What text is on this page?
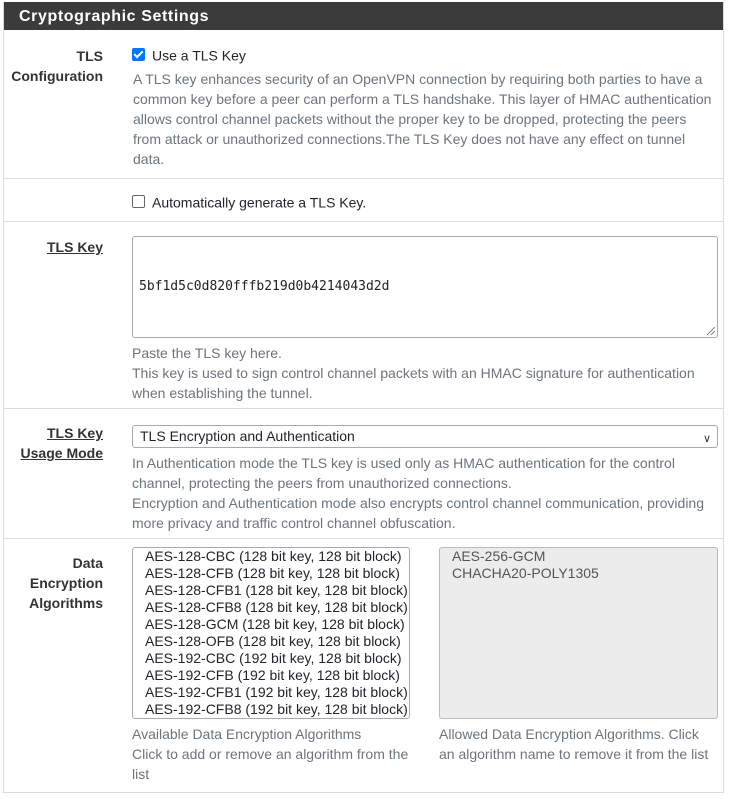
Cryptographic Settings
TLS
Configuration
Use a TLS Key
A TLS key enhances security of an OpenVPN connection by requiring both parties to have a
common key before a peer can perform a TLS handshake. This layer of HMAC authentication
allows control channel packets without the proper key to be dropped, protecting the peers
from attack or unauthorized connections.The TLS Key does not have any effect on tunnel
data.
Automatically generate a TLS Key.
TLS Key

5bf1d5c0d820fffb219d0b4214043d2d

Paste the TLS key here.
This key is used to sign control channel packets with an HMAC signature for authentication
when establishing the tunnel.
TLS Key
Usage Mode
TLS Encryption and Authentication	∨
In Authentication mode the TLS key is used only as HMAC authentication for the control
channel, protecting the peers from unauthorized connections.
Encryption and Authentication mode also encrypts control channel communication, providing
more privacy and traffic control channel obfuscation.
Data
Encryption
Algorithms
AES-128-CBC (128 bit key, 128 bit block)
AES-128-CFB (128 bit key, 128 bit block)
AES-128-CFB1 (128 bit key, 128 bit block)
AES-128-CFB8 (128 bit key, 128 bit block)
AES-128-GCM (128 bit key, 128 bit block)
AES-128-OFB (128 bit key, 128 bit block)
AES-192-CBC (192 bit key, 128 bit block)
AES-192-CFB (192 bit key, 128 bit block)
AES-192-CFB1 (192 bit key, 128 bit block)
AES-192-CFB8 (192 bit key, 128 bit block)
AES-256-GCM
CHACHA20-POLY1305
Available Data Encryption Algorithms
Click to add or remove an algorithm from the
list
Allowed Data Encryption Algorithms. Click
an algorithm name to remove it from the list
